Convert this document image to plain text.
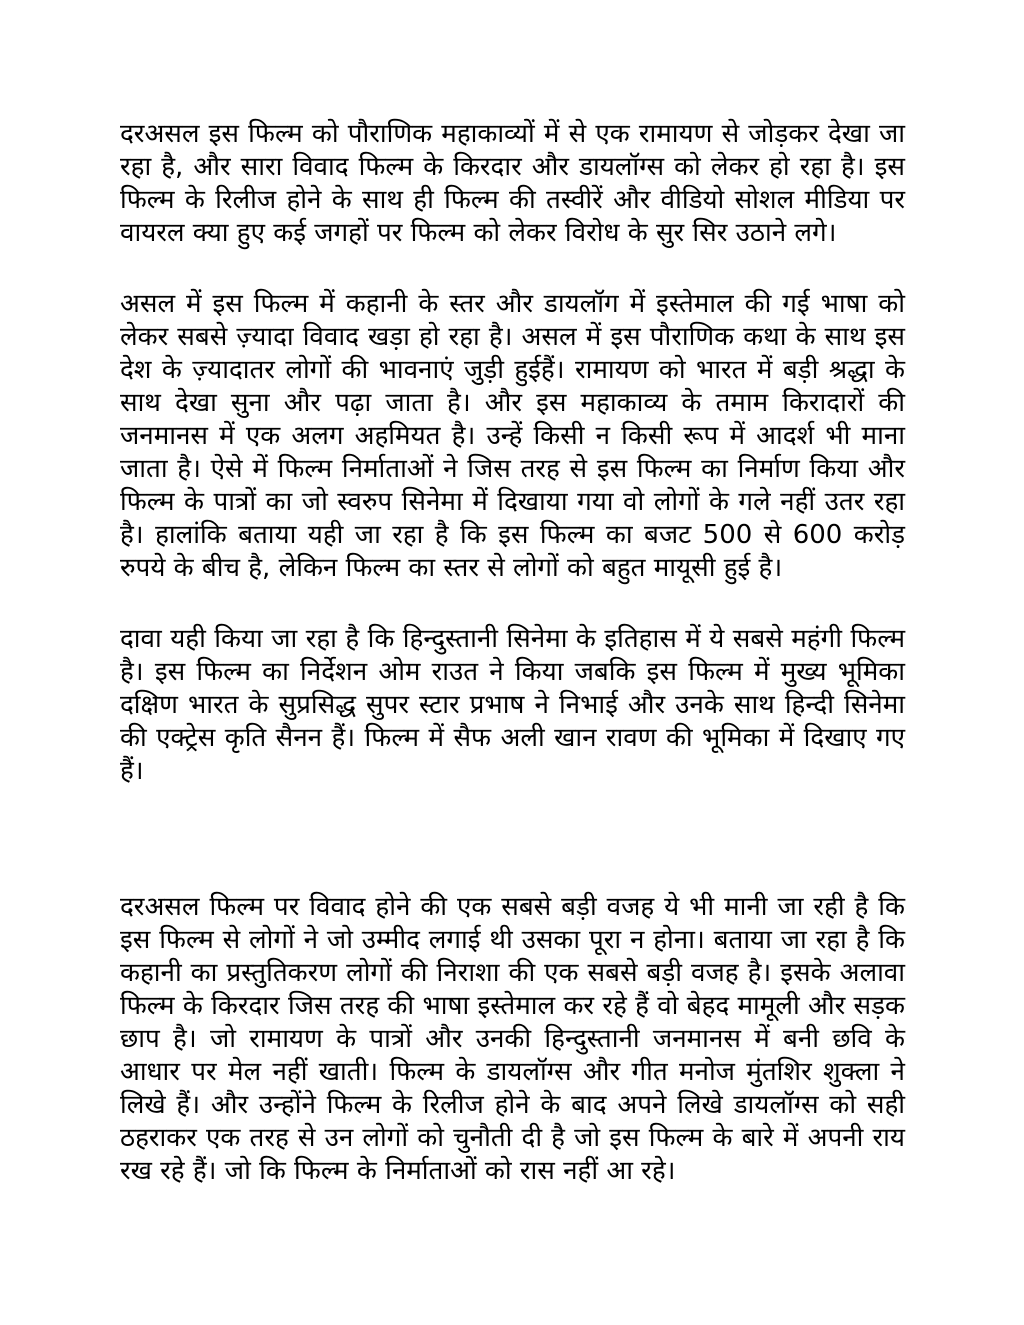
दरअसल इस फिल्म को पौराणिक महाकाव्यों में से एक रामायण से जोड़कर देखा जा रहा है, और सारा विवाद फिल्म के किरदार और डायलॉग्स को लेकर हो रहा है। इस फिल्म के रिलीज होने के साथ ही फिल्म की तस्वीरें और वीडियो सोशल मीडिया पर वायरल क्या हुए कई जगहों पर फिल्म को लेकर विरोध के सुर सिर उठाने लगे।

असल में इस फिल्म में कहानी के स्तर और डायलॉग में इस्तेमाल की गई भाषा को लेकर सबसे ज़्यादा विवाद खड़ा हो रहा है। असल में इस पौराणिक कथा के साथ इस देश के ज़्यादातर लोगों की भावनाएं जुड़ी हुईहैं। रामायण को भारत में बड़ी श्रद्धा के साथ देखा सुना और पढ़ा जाता है। और इस महाकाव्य के तमाम किरादारों की जनमानस में एक अलग अहमियत है। उन्हें किसी न किसी रूप में आदर्श भी माना जाता है। ऐसे में फिल्म निर्माताओं ने जिस तरह से इस फिल्म का निर्माण किया और फिल्म के पात्रों का जो स्वरुप सिनेमा में दिखाया गया वो लोगों के गले नहीं उतर रहा है। हालांकि बताया यही जा रहा है कि इस फिल्म का बजट 500 से 600 करोड़ रुपये के बीच है, लेकिन फिल्म का स्तर से लोगों को बहुत मायूसी हुई है।

दावा यही किया जा रहा है कि हिन्दुस्तानी सिनेमा के इतिहास में ये सबसे महंगी फिल्म है। इस फिल्म का निर्देशन ओम राउत ने किया जबकि इस फिल्म में मुख्य भूमिका दक्षिण भारत के सुप्रसिद्ध सुपर स्टार प्रभाष ने निभाई और उनके साथ हिन्दी सिनेमा की एक्ट्रेस कृति सैनन हैं। फिल्म में सैफ अली खान रावण की भूमिका में दिखाए गए हैं।

दरअसल फिल्म पर विवाद होने की एक सबसे बड़ी वजह ये भी मानी जा रही है कि इस फिल्म से लोगों ने जो उम्मीद लगाई थी उसका पूरा न होना। बताया जा रहा है कि कहानी का प्रस्तुतिकरण लोगों की निराशा की एक सबसे बड़ी वजह है। इसके अलावा फिल्म के किरदार जिस तरह की भाषा इस्तेमाल कर रहे हैं वो बेहद मामूली और सड़क छाप है। जो रामायण के पात्रों और उनकी हिन्दुस्तानी जनमानस में बनी छवि के आधार पर मेल नहीं खाती। फिल्म के डायलॉग्स और गीत मनोज मुंतशिर शुक्ला ने लिखे हैं। और उन्होंने फिल्म के रिलीज होने के बाद अपने लिखे डायलॉग्स को सही ठहराकर एक तरह से उन लोगों को चुनौती दी है जो इस फिल्म के बारे में अपनी राय रख रहे हैं। जो कि फिल्म के निर्माताओं को रास नहीं आ रहे।
